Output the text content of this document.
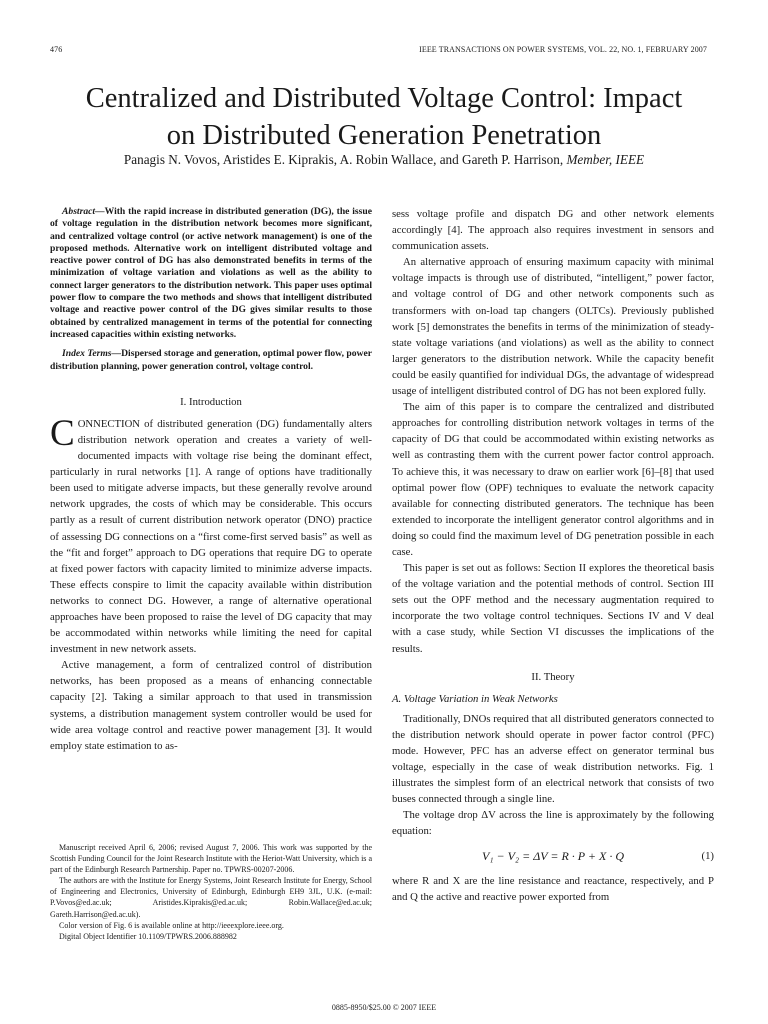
476	IEEE TRANSACTIONS ON POWER SYSTEMS, VOL. 22, NO. 1, FEBRUARY 2007
Centralized and Distributed Voltage Control: Impact
on Distributed Generation Penetration
Panagis N. Vovos, Aristides E. Kiprakis, A. Robin Wallace, and Gareth P. Harrison, Member, IEEE

Abstract—With the rapid increase in distributed generation (DG), the issue of voltage regulation in the distribution network becomes more significant, and centralized voltage control (or active network management) is one of the proposed methods. Alternative work on intelligent distributed voltage and reactive power control of DG has also demonstrated benefits in terms of the minimization of voltage variation and violations as well as the ability to connect larger generators to the distribution network. This paper uses optimal power flow to compare the two methods and shows that intelligent distributed voltage and reactive power control of the DG gives similar results to those obtained by centralized management in terms of the potential for connecting increased capacities within existing networks.

Index Terms—Dispersed storage and generation, optimal power flow, power distribution planning, power generation control, voltage control.

I. Introduction

CONNECTION of distributed generation (DG) fundamentally alters distribution network operation and creates a variety of well-documented impacts with voltage rise being the dominant effect, particularly in rural networks [1]. A range of options have traditionally been used to mitigate adverse impacts, but these generally revolve around network upgrades, the costs of which may be considerable. This occurs partly as a result of current distribution network operator (DNO) practice of assessing DG connections on a “first come-first served basis” as well as the “fit and forget” approach to DG operations that require DG to operate at fixed power factors with capacity limited to minimize adverse impacts. These effects conspire to limit the capacity available within distribution networks to connect DG. However, a range of alternative operational approaches have been proposed to raise the level of DG capacity that may be accommodated within networks while limiting the need for capital investment in new network assets.

Active management, a form of centralized control of distribution networks, has been proposed as a means of enhancing connectable capacity [2]. Taking a similar approach to that used in transmission systems, a distribution management system controller would be used for wide area voltage control and reactive power management [3]. It would employ state estimation to as-

Manuscript received April 6, 2006; revised August 7, 2006. This work was supported by the Scottish Funding Council for the Joint Research Institute with the Heriot-Watt University, which is a part of the Edinburgh Research Partnership. Paper no. TPWRS-00207-2006.

The authors are with the Institute for Energy Systems, Joint Research Institute for Energy, School of Engineering and Electronics, University of Edinburgh, Edinburgh EH9 3JL, U.K. (e-mail: P.Vovos@ed.ac.uk; Aristides.Kiprakis@ed.ac.uk; Robin.Wallace@ed.ac.uk; Gareth.Harrison@ed.ac.uk).

Color version of Fig. 6 is available online at http://ieeexplore.ieee.org.

Digital Object Identifier 10.1109/TPWRS.2006.888982

sess voltage profile and dispatch DG and other network elements accordingly [4]. The approach also requires investment in sensors and communication assets.

An alternative approach of ensuring maximum capacity with minimal voltage impacts is through use of distributed, “intelligent,” power factor, and voltage control of DG and other network components such as transformers with on-load tap changers (OLTCs). Previously published work [5] demonstrates the benefits in terms of the minimization of steady-state voltage variations (and violations) as well as the ability to connect larger generators to the distribution network. While the capacity benefit could be easily quantified for individual DGs, the advantage of widespread usage of intelligent distributed control of DG has not been explored fully.

The aim of this paper is to compare the centralized and distributed approaches for controlling distribution network voltages in terms of the capacity of DG that could be accommodated within existing networks as well as contrasting them with the current power factor control approach. To achieve this, it was necessary to draw on earlier work [6]–[8] that used optimal power flow (OPF) techniques to evaluate the network capacity available for connecting distributed generators. The technique has been extended to incorporate the intelligent generator control algorithms and in doing so could find the maximum level of DG penetration possible in each case.

This paper is set out as follows: Section II explores the theoretical basis of the voltage variation and the potential methods of control. Section III sets out the OPF method and the necessary augmentation required to incorporate the two voltage control techniques. Sections IV and V deal with a case study, while Section VI discusses the implications of the results.

II. Theory
A. Voltage Variation in Weak Networks

Traditionally, DNOs required that all distributed generators connected to the distribution network should operate in power factor control (PFC) mode. However, PFC has an adverse effect on generator terminal bus voltage, especially in the case of weak distribution networks. Fig. 1 illustrates the simplest form of an electrical network that consists of two buses connected through a single line.

The voltage drop ΔV across the line is approximately by the following equation:

V₁ − V₂ = ΔV = R · P + X · Q	(1)

where R and X are the line resistance and reactance, respectively, and P and Q the active and reactive power exported from

0885-8950/$25.00 © 2007 IEEE
